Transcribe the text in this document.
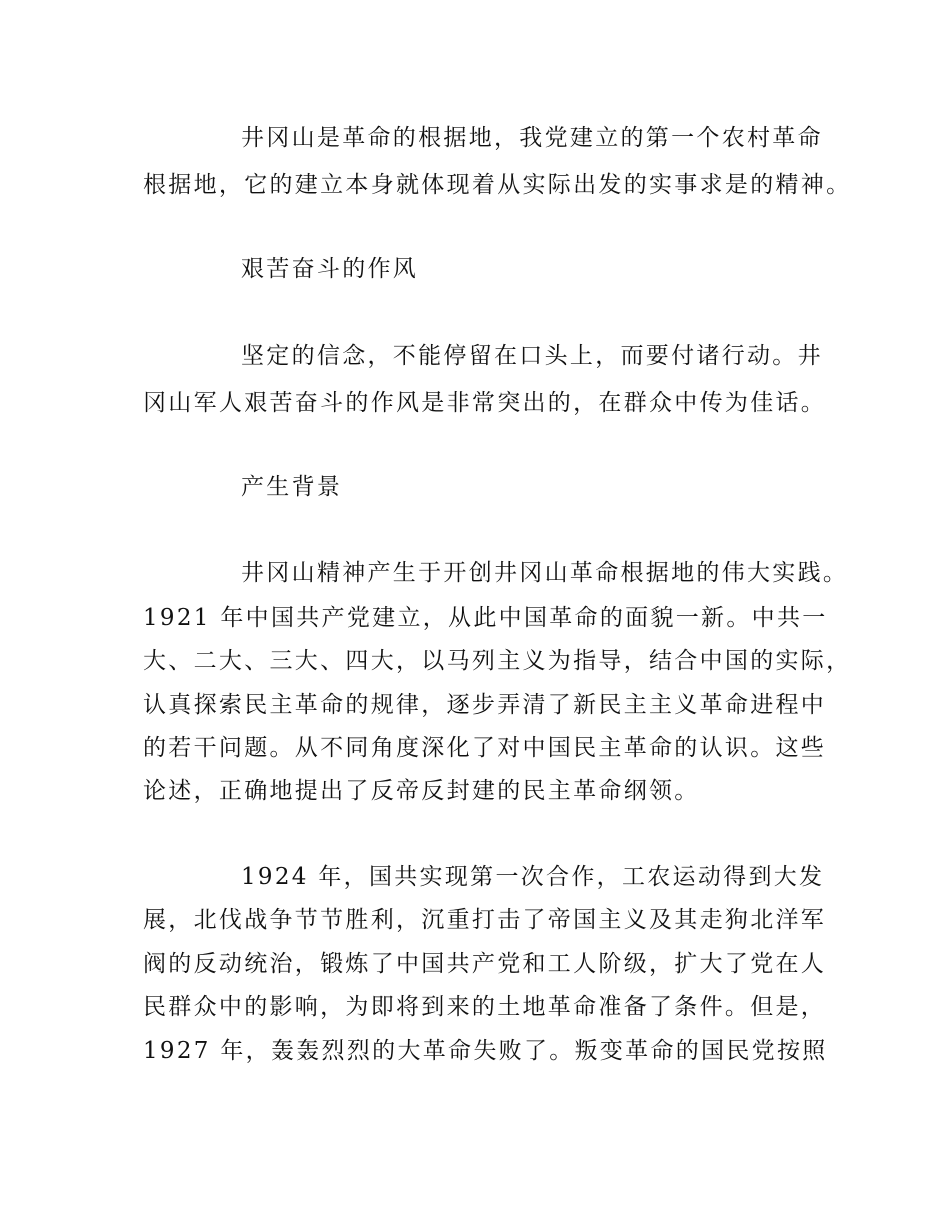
井冈山是革命的根据地，我党建立的第一个农村革命
根据地，它的建立本身就体现着从实际出发的实事求是的精神。
艰苦奋斗的作风
坚定的信念，不能停留在口头上，而要付诸行动。井
冈山军人艰苦奋斗的作风是非常突出的，在群众中传为佳话。
产生背景
井冈山精神产生于开创井冈山革命根据地的伟大实践。
1921 年中国共产党建立，从此中国革命的面貌一新。中共一
大、二大、三大、四大，以马列主义为指导，结合中国的实际，
认真探索民主革命的规律，逐步弄清了新民主主义革命进程中
的若干问题。从不同角度深化了对中国民主革命的认识。这些
论述，正确地提出了反帝反封建的民主革命纲领。
1924 年，国共实现第一次合作，工农运动得到大发
展，北伐战争节节胜利，沉重打击了帝国主义及其走狗北洋军
阀的反动统治，锻炼了中国共产党和工人阶级，扩大了党在人
民群众中的影响，为即将到来的土地革命准备了条件。但是，
1927 年，轰轰烈烈的大革命失败了。叛变革命的国民党按照
